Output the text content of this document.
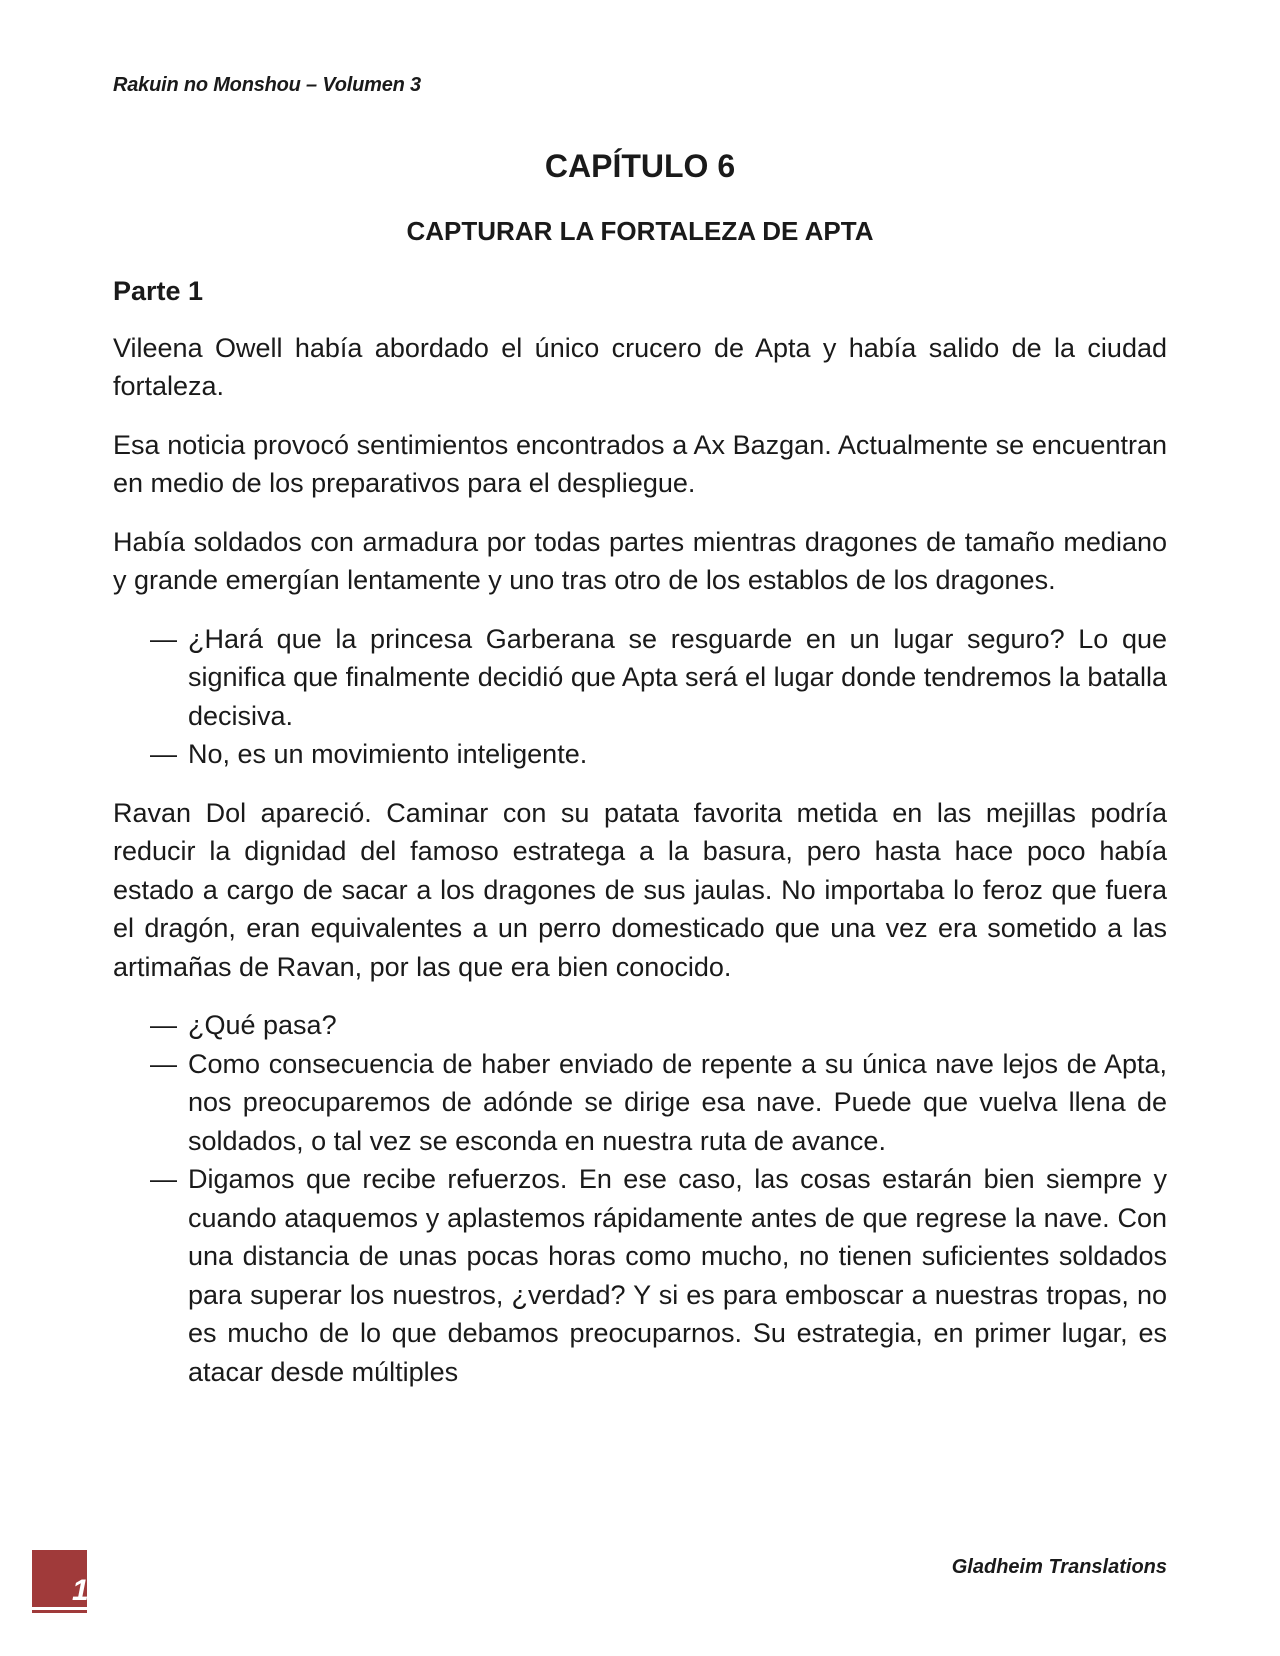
Rakuin no Monshou – Volumen 3
CAPÍTULO 6
CAPTURAR LA FORTALEZA DE APTA
Parte 1

Vileena Owell había abordado el único crucero de Apta y había salido de la ciudad fortaleza.

Esa noticia provocó sentimientos encontrados a Ax Bazgan. Actualmente se encuentran en medio de los preparativos para el despliegue.

Había soldados con armadura por todas partes mientras dragones de tamaño mediano y grande emergían lentamente y uno tras otro de los establos de los dragones.

— ¿Hará que la princesa Garberana se resguarde en un lugar seguro? Lo que significa que finalmente decidió que Apta será el lugar donde tendremos la batalla decisiva.
— No, es un movimiento inteligente.

Ravan Dol apareció. Caminar con su patata favorita metida en las mejillas podría reducir la dignidad del famoso estratega a la basura, pero hasta hace poco había estado a cargo de sacar a los dragones de sus jaulas. No importaba lo feroz que fuera el dragón, eran equivalentes a un perro domesticado que una vez era sometido a las artimañas de Ravan, por las que era bien conocido.

— ¿Qué pasa?
— Como consecuencia de haber enviado de repente a su única nave lejos de Apta, nos preocuparemos de adónde se dirige esa nave. Puede que vuelva llena de soldados, o tal vez se esconda en nuestra ruta de avance.
— Digamos que recibe refuerzos. En ese caso, las cosas estarán bien siempre y cuando ataquemos y aplastemos rápidamente antes de que regrese la nave. Con una distancia de unas pocas horas como mucho, no tienen suficientes soldados para superar los nuestros, ¿verdad? Y si es para emboscar a nuestras tropas, no es mucho de lo que debamos preocuparnos. Su estrategia, en primer lugar, es atacar desde múltiples
1
Gladheim Translations
